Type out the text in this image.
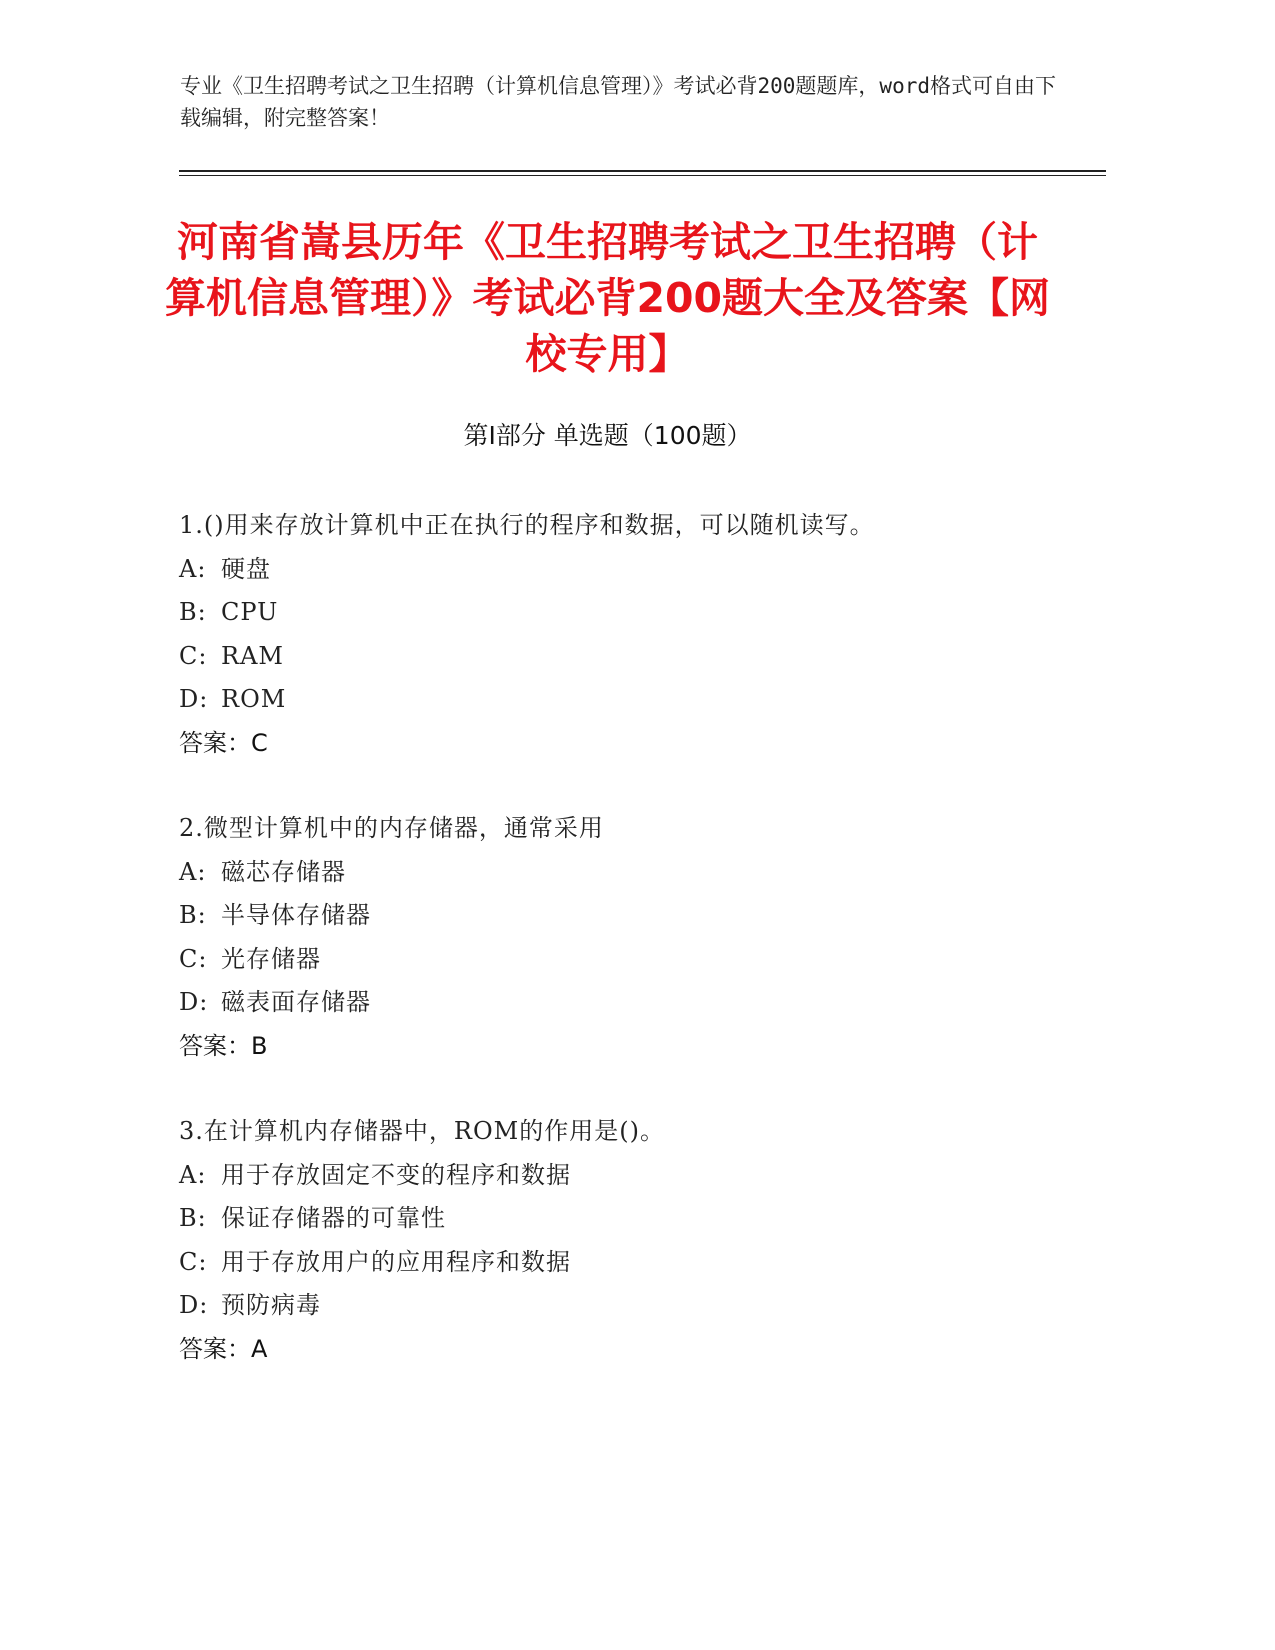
专业《卫生招聘考试之卫生招聘（计算机信息管理）》考试必背200题题库，word格式可自由下载编辑，附完整答案！
河南省嵩县历年《卫生招聘考试之卫生招聘（计算机信息管理）》考试必背200题大全及答案【网校专用】
第Ⅰ部分 单选题（100题）
1.()用来存放计算机中正在执行的程序和数据，可以随机读写。
A: 硬盘
B: CPU
C: RAM
D: ROM
答案：C
2.微型计算机中的内存储器，通常采用
A: 磁芯存储器
B: 半导体存储器
C: 光存储器
D: 磁表面存储器
答案：B
3.在计算机内存储器中，ROM的作用是()。
A: 用于存放固定不变的程序和数据
B: 保证存储器的可靠性
C: 用于存放用户的应用程序和数据
D: 预防病毒
答案：A
